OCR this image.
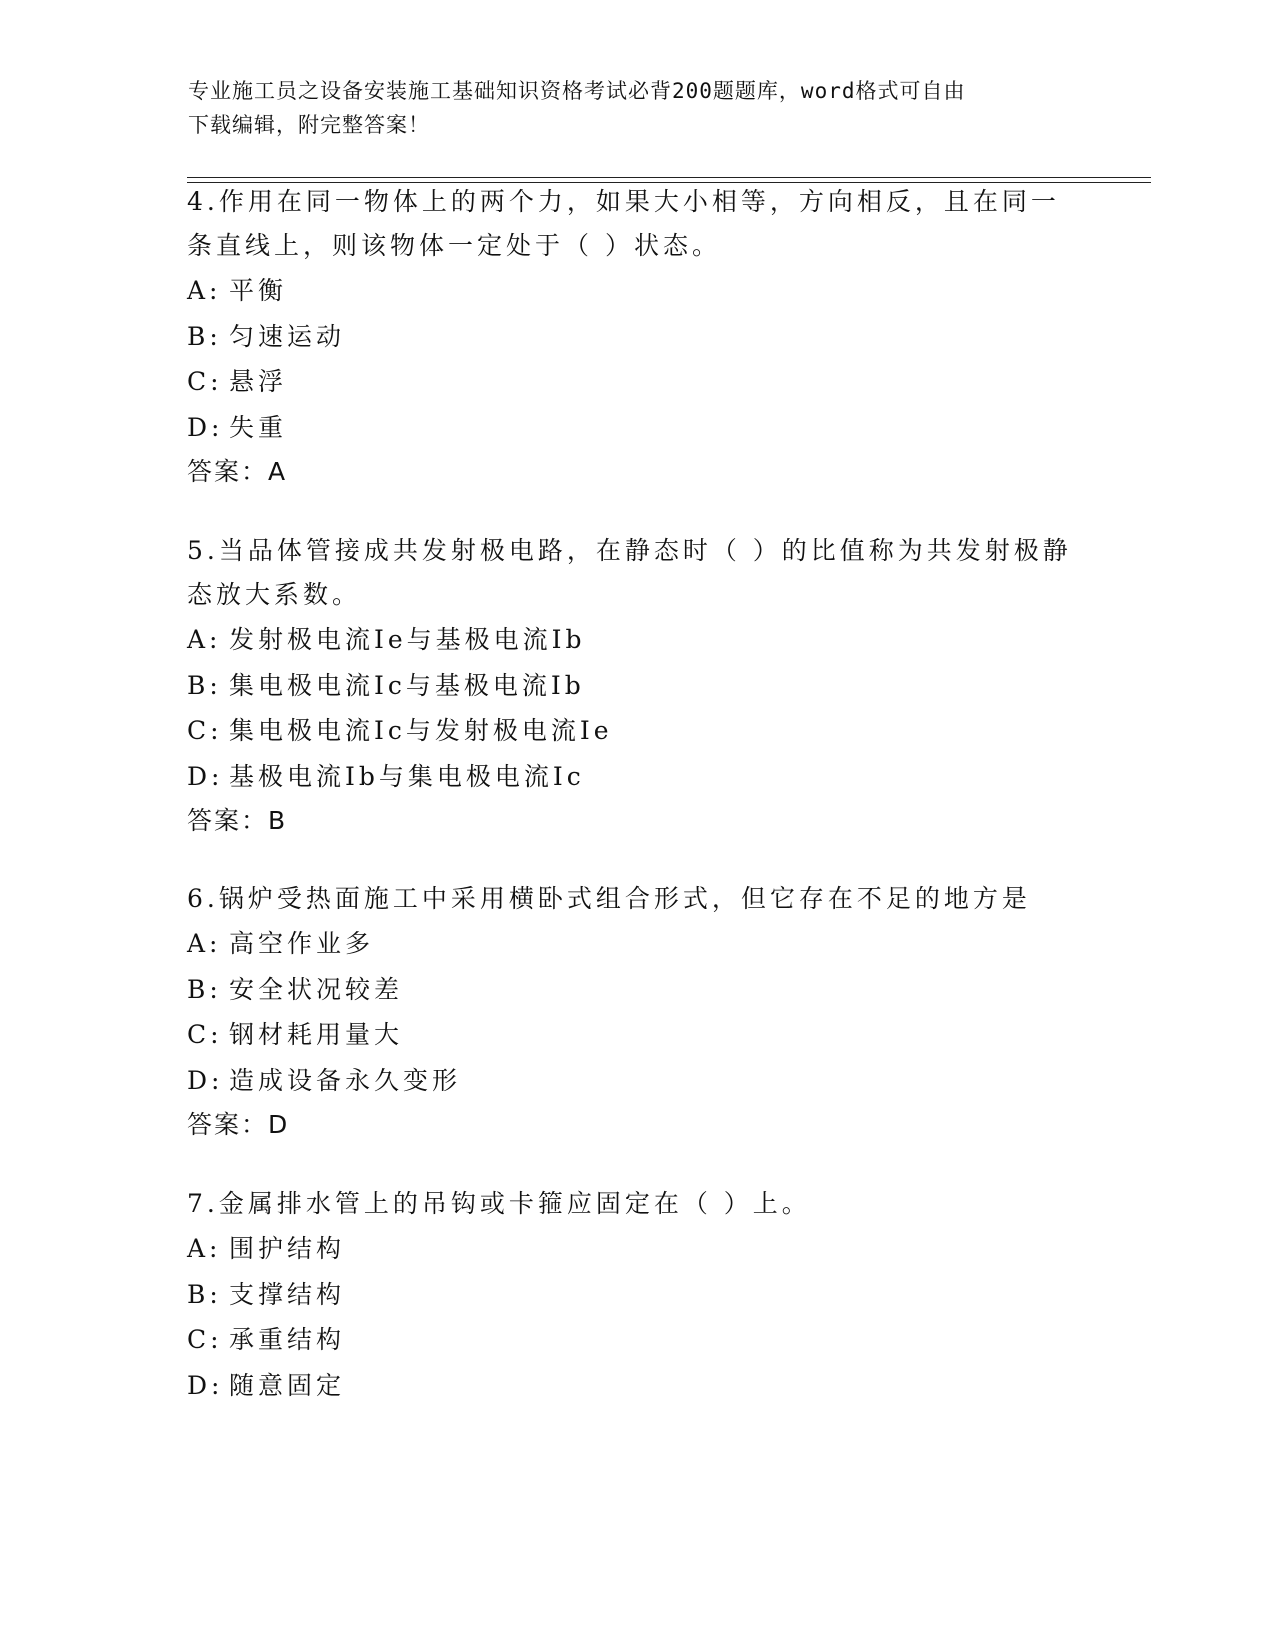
专业施工员之设备安装施工基础知识资格考试必背200题题库，word格式可自由
下载编辑，附完整答案！

4.作用在同一物体上的两个力，如果大小相等，方向相反，且在同一

条直线上，则该物体一定处于（ ）状态。

A: 平衡

B: 匀速运动

C: 悬浮

D: 失重

答案：A

5.当品体管接成共发射极电路，在静态时（ ）的比值称为共发射极静

态放大系数。

A: 发射极电流Ie与基极电流Ib

B: 集电极电流Ic与基极电流Ib

C: 集电极电流Ic与发射极电流Ie

D: 基极电流Ib与集电极电流Ic

答案：B

6.锅炉受热面施工中采用横卧式组合形式，但它存在不足的地方是

A: 高空作业多

B: 安全状况较差

C: 钢材耗用量大

D: 造成设备永久变形

答案：D

7.金属排水管上的吊钩或卡箍应固定在（ ）上。

A: 围护结构

B: 支撑结构

C: 承重结构

D: 随意固定
